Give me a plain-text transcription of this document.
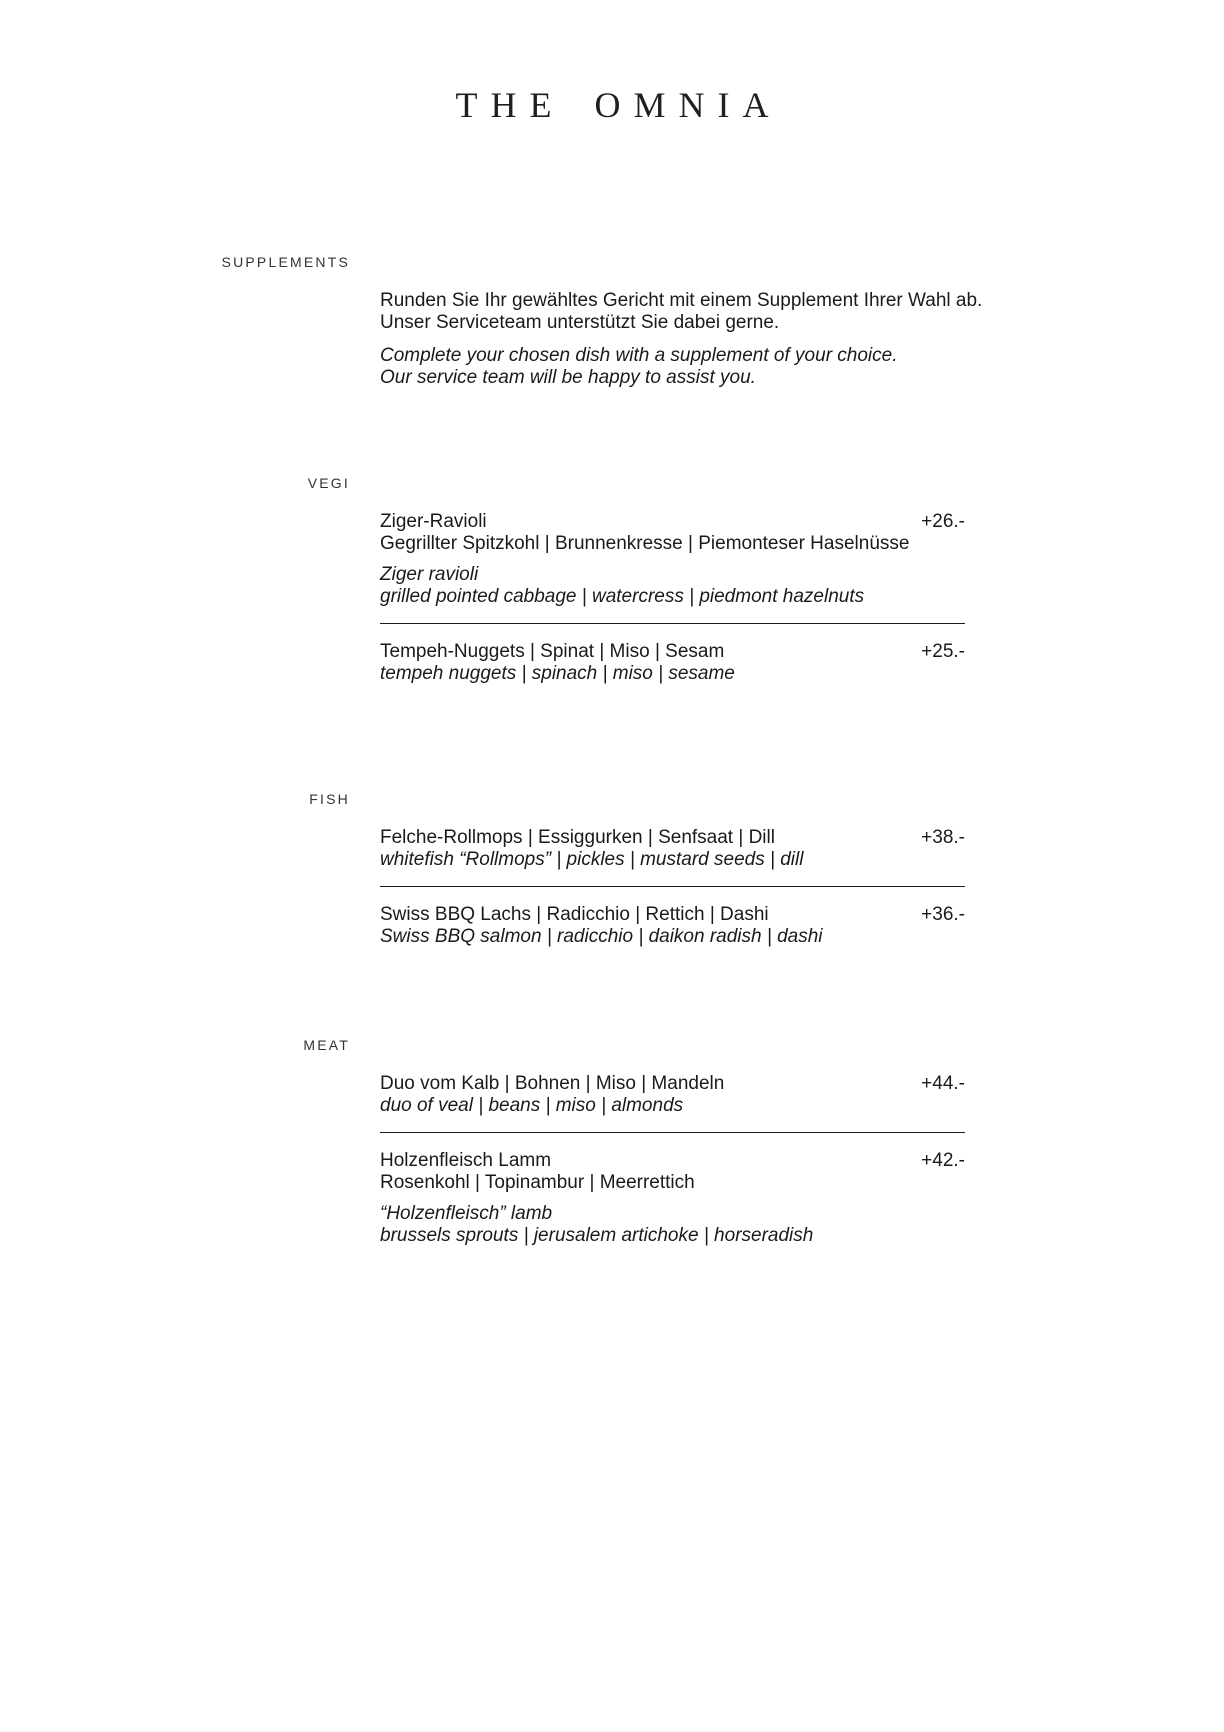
THE OMNIA
SUPPLEMENTS

Runden Sie Ihr gewähltes Gericht mit einem Supplement Ihrer Wahl ab.

Unser Serviceteam unterstützt Sie dabei gerne.

Complete your chosen dish with a supplement of your choice.

Our service team will be happy to assist you.

VEGI
Ziger-Ravioli	+26.-

Gegrillter Spitzkohl | Brunnenkresse | Piemonteser Haselnüsse

Ziger ravioli

grilled pointed cabbage | watercress | piedmont hazelnuts

Tempeh-Nuggets | Spinat | Miso | Sesam	+25.-

tempeh nuggets | spinach | miso | sesame

FISH
Felche-Rollmops | Essiggurken | Senfsaat | Dill	+38.-

whitefish “Rollmops” | pickles | mustard seeds | dill

Swiss BBQ Lachs | Radicchio | Rettich | Dashi	+36.-

Swiss BBQ salmon | radicchio | daikon radish | dashi

MEAT
Duo vom Kalb | Bohnen | Miso | Mandeln	+44.-

duo of veal | beans | miso | almonds

Holzenfleisch Lamm	+42.-

Rosenkohl | Topinambur | Meerrettich

“Holzenfleisch” lamb

brussels sprouts | jerusalem artichoke | horseradish
